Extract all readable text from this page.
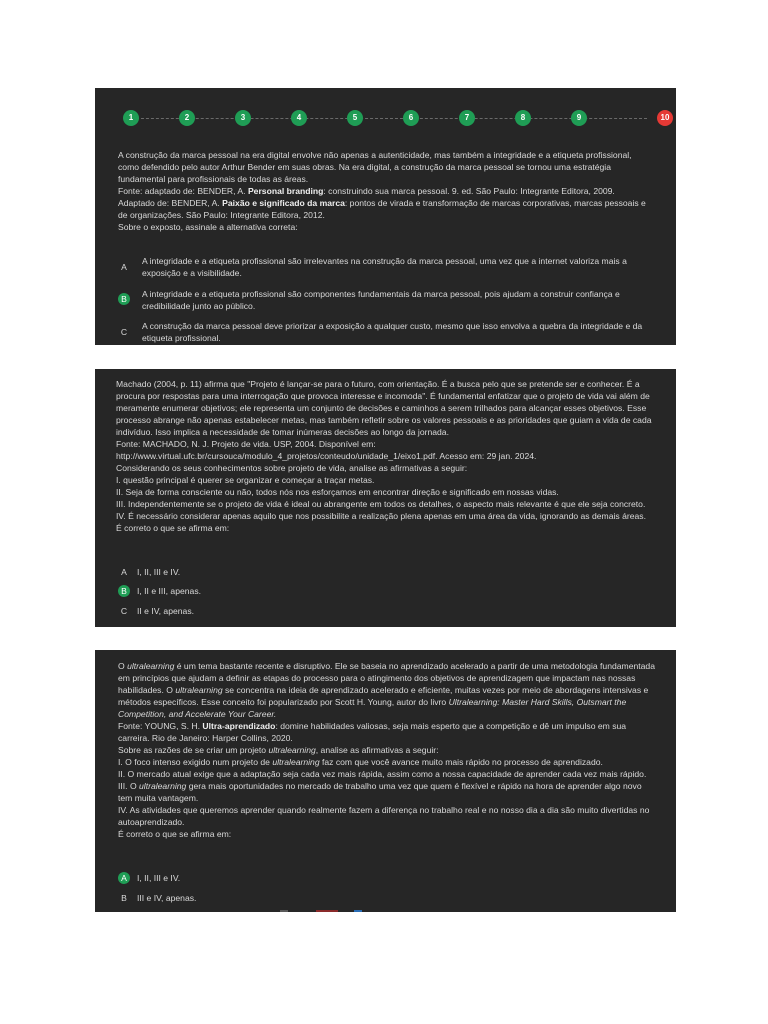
1	2	3	4	5	6	7	8	9	10

A construção da marca pessoal na era digital envolve não apenas a autenticidade, mas também a integridade e a etiqueta profissional, como defendido pelo autor Arthur Bender em suas obras. Na era digital, a construção da marca pessoal se tornou uma estratégia fundamental para profissionais de todas as áreas.

Fonte: adaptado de: BENDER, A. Personal branding: construindo sua marca pessoal. 9. ed. São Paulo: Integrante Editora, 2009.

Adaptado de: BENDER, A. Paixão e significado da marca: pontos de virada e transformação de marcas corporativas, marcas pessoais e de organizações. São Paulo: Integrante Editora, 2012.

Sobre o exposto, assinale a alternativa correta:

A
A integridade e a etiqueta profissional são irrelevantes na construção da marca pessoal, uma vez que a internet valoriza mais a exposição e a visibilidade.
B	A integridade e a etiqueta profissional são componentes fundamentais da marca pessoal, pois ajudam a construir confiança e credibilidade junto ao público.
C
A construção da marca pessoal deve priorizar a exposição a qualquer custo, mesmo que isso envolva a quebra da integridade e da etiqueta profissional.

Machado (2004, p. 11) afirma que "Projeto é lançar-se para o futuro, com orientação. É a busca pelo que se pretende ser e conhecer. É a procura por respostas para uma interrogação que provoca interesse e incomoda". É fundamental enfatizar que o projeto de vida vai além de meramente enumerar objetivos; ele representa um conjunto de decisões e caminhos a serem trilhados para alcançar esses objetivos. Esse processo abrange não apenas estabelecer metas, mas também refletir sobre os valores pessoais e as prioridades que guiam a vida de cada indivíduo. Isso implica a necessidade de tomar inúmeras decisões ao longo da jornada.

Fonte: MACHADO, N. J. Projeto de vida. USP, 2004. Disponível em:

http://www.virtual.ufc.br/cursouca/modulo_4_projetos/conteudo/unidade_1/eixo1.pdf. Acesso em: 29 jan. 2024.

Considerando os seus conhecimentos sobre projeto de vida, analise as afirmativas a seguir:

I. questão principal é querer se organizar e começar a traçar metas.

II. Seja de forma consciente ou não, todos nós nos esforçamos em encontrar direção e significado em nossas vidas.

III. Independentemente se o projeto de vida é ideal ou abrangente em todos os detalhes, o aspecto mais relevante é que ele seja concreto.

IV. É necessário considerar apenas aquilo que nos possibilite a realização plena apenas em uma área da vida, ignorando as demais áreas.

É correto o que se afirma em:

A	I, II, III e IV.
B	I, II e III, apenas.
C	II e IV, apenas.

O ultralearning é um tema bastante recente e disruptivo. Ele se baseia no aprendizado acelerado a partir de uma metodologia fundamentada em princípios que ajudam a definir as etapas do processo para o atingimento dos objetivos de aprendizagem que impactam nas nossas habilidades. O ultralearning se concentra na ideia de aprendizado acelerado e eficiente, muitas vezes por meio de abordagens intensivas e métodos específicos. Esse conceito foi popularizado por Scott H. Young, autor do livro Ultralearning: Master Hard Skills, Outsmart the Competition, and Accelerate Your Career.

Fonte: YOUNG, S. H. Ultra-aprendizado: domine habilidades valiosas, seja mais esperto que a competição e dê um impulso em sua carreira. Rio de Janeiro: Harper Collins, 2020.

Sobre as razões de se criar um projeto ultralearning, analise as afirmativas a seguir:

I. O foco intenso exigido num projeto de ultralearning faz com que você avance muito mais rápido no processo de aprendizado.

II. O mercado atual exige que a adaptação seja cada vez mais rápida, assim como a nossa capacidade de aprender cada vez mais rápido.

III. O ultralearning gera mais oportunidades no mercado de trabalho uma vez que quem é flexível e rápido na hora de aprender algo novo tem muita vantagem.

IV. As atividades que queremos aprender quando realmente fazem a diferença no trabalho real e no nosso dia a dia são muito divertidas no autoaprendizado.

É correto o que se afirma em:

A	I, II, III e IV.
B	III e IV, apenas.
